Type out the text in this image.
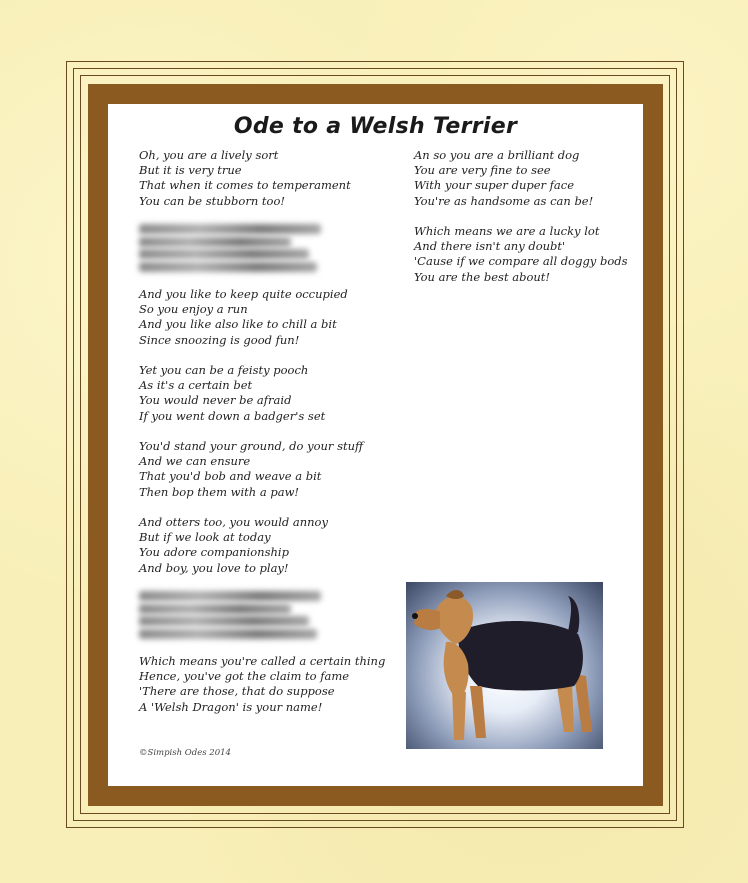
Ode to a Welsh Terrier
Oh, you are a lively sort
But it is very true
That when it comes to temperament
You can be stubborn too!
And you like to keep quite occupied
So you enjoy a run
And you like also like to chill a bit
Since snoozing is good fun!
Yet you can be a feisty pooch
As it's a certain bet
You would never be afraid
If you went down a badger's set
You'd stand your ground, do your stuff
And we can ensure
That you'd bob and weave a bit
Then bop them with a paw!
And otters too, you would annoy
But if we look at today
You adore companionship
And boy, you love to play!
Which means you're called a certain thing
Hence, you've got the claim to fame
'There are those, that do suppose
A 'Welsh Dragon' is your name!
An so you are a brilliant dog
You are very fine to see
With your super duper face
You're as handsome as can be!
Which means we are a lucky lot
And there isn't any doubt'
'Cause if we compare all doggy bods
You are the best about!
©Simpish Odes 2014
